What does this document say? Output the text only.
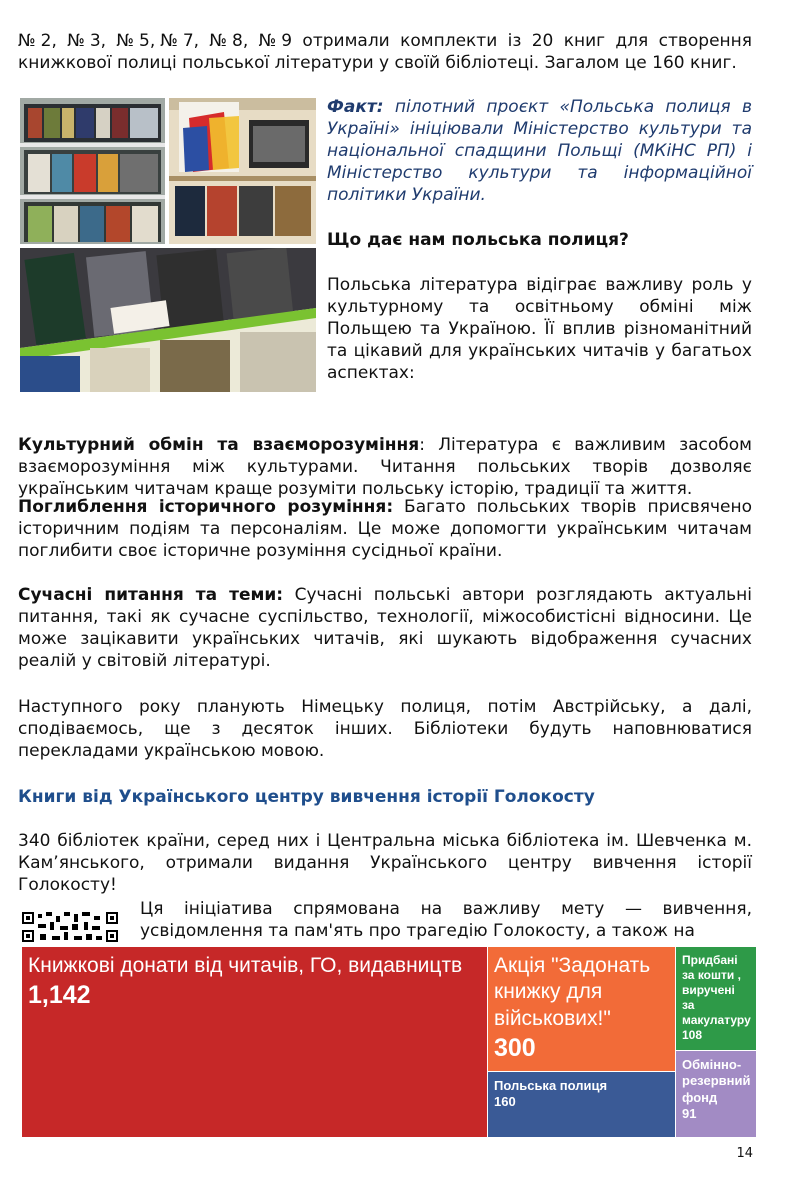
№2, №3, №5,№7, №8, №9 отримали комплекти із 20 книг для створення книжкової полиці польської літератури у своїй бібліотеці. Загалом це 160 книг.

Факт: пілотний проєкт «Польська полиця в Україні» ініціювали Міністерство культури та національної спадщини Польщі (МКіНС РП) і Міністерство культури та інформаційної політики України.

Що дає нам польська полиця?

Польська література відіграє важливу роль у культурному та освітньому обміні між Польщею та Україною. Її вплив різноманітний та цікавий для українських читачів у багатьох аспектах:

Культурний обмін та взаєморозуміння: Література є важливим засобом взаєморозуміння між культурами. Читання польських творів дозволяє українським читачам краще розуміти польську історію, традиції та життя.

Поглиблення історичного розуміння: Багато польських творів присвячено історичним подіям та персоналіям. Це може допомогти українським читачам поглибити своє історичне розуміння сусідньої країни.

Сучасні питання та теми: Сучасні польські автори розглядають актуальні питання, такі як сучасне суспільство, технології, міжособистісні відносини. Це може зацікавити українських читачів, які шукають відображення сучасних реалій у світовій літературі.

Наступного року планують Німецьку полиця, потім Австрійську, а далі, сподіваємось, ще з десяток інших. Бібліотеки будуть наповнюватися перекладами українською мовою.

Книги від Українського центру вивчення історії Голокосту

340 бібліотек країни, серед них і Центральна міська бібліотека ім. Шевченка м. Кам’янського, отримали видання Українського центру вивчення історії Голокосту!

Ця ініціатива спрямована на важливу мету — вивчення, усвідомлення та пам'ять про трагедію Голокосту, а також на

Книжкові донати від читачів, ГО, видавництв
1,142
Акція "Задонать книжку для військових!"
300
Польська полиця
160
Придбані за кошти , виручені за макулатуру
108
Обмінно-резервний фонд
91
14
